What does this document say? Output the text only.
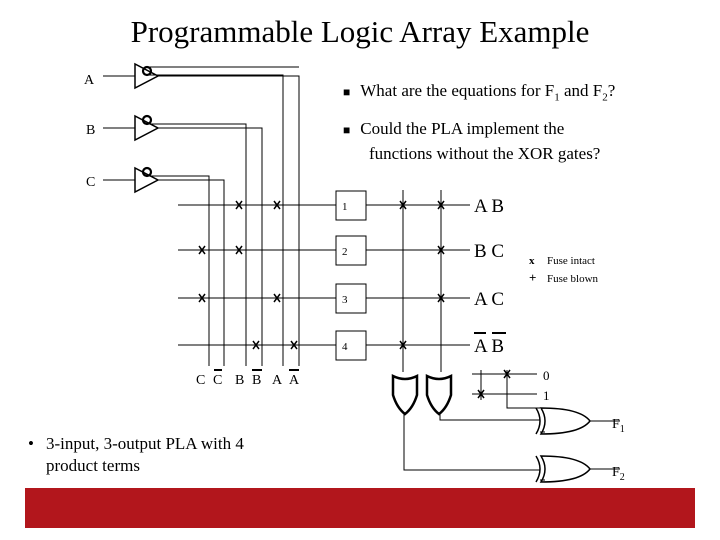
A
B
C
C C B B A A
1
2
3
4
A B
B C
A C
A B
x Fuse intact
+ Fuse blown
0
1
$F_1$
$F_2$
Programmable Logic Array Example
■ What are the equations for $F_1$ and $F_2$?
■ Could the PLA implement the
functions without the XOR gates?
• 3-input, 3-output PLA with 4
product terms
